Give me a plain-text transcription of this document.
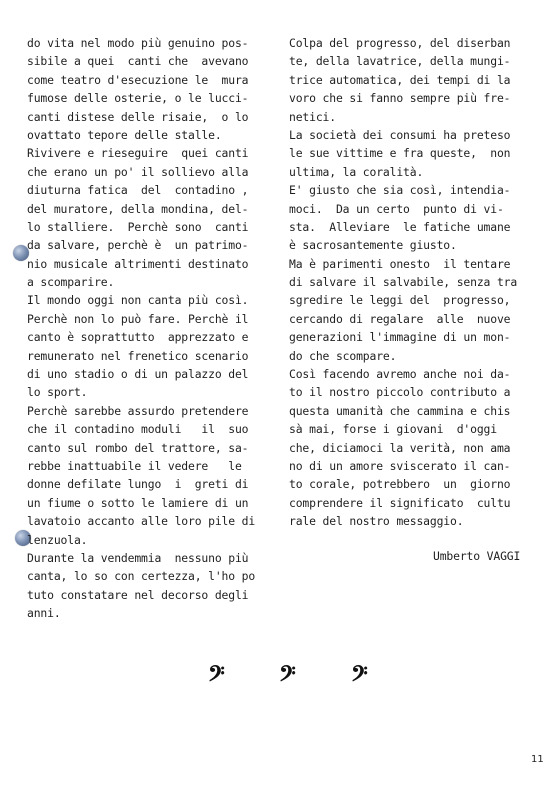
do vita nel modo più genuino pos-
sibile a quei  canti che  avevano
come teatro d'esecuzione le  mura
fumose delle osterie, o le lucci-
canti distese delle risaie,  o lo
ovattato tepore delle stalle.
Rivivere e rieseguire  quei canti
che erano un po' il sollievo alla
diuturna fatica  del  contadino ,
del muratore, della mondina, del-
lo stalliere.  Perchè sono  canti
da salvare, perchè è  un patrimo-
nio musicale altrimenti destinato
a scomparire.
Il mondo oggi non canta più così.
Perchè non lo può fare. Perchè il
canto è soprattutto  apprezzato e
remunerato nel frenetico scenario
di uno stadio o di un palazzo del
lo sport.
Perchè sarebbe assurdo pretendere
che il contadino moduli   il  suo
canto sul rombo del trattore, sa-
rebbe inattuabile il vedere   le
donne defilate lungo  i  greti di
un fiume o sotto le lamiere di un
lavatoio accanto alle loro pile di
lenzuola.
Durante la vendemmia  nessuno più
canta, lo so con certezza, l'ho po
tuto constatare nel decorso degli
anni.
Colpa del progresso, del diserban
te, della lavatrice, della mungi-
trice automatica, dei tempi di la
voro che si fanno sempre più fre-
netici.
La società dei consumi ha preteso
le sue vittime e fra queste,  non
ultima, la coralità.
E' giusto che sia così, intendia-
moci.  Da un certo  punto di vi-
sta.  Alleviare  le fatiche umane
è sacrosantemente giusto.
Ma è parimenti onesto  il tentare
di salvare il salvabile, senza tra
sgredire le leggi del  progresso,
cercando di regalare  alle  nuove
generazioni l'immagine di un mon-
do che scompare.
Così facendo avremo anche noi da-
to il nostro piccolo contributo a
questa umanità che cammina e chis
sà mai, forse i giovani  d'oggi
che, diciamoci la verità, non ama
no di un amore sviscerato il can-
to corale, potrebbero  un  giorno
comprendere il significato  cultu
rale del nostro messaggio.
Umberto VAGGI
𝄢 𝄢 𝄢
11
